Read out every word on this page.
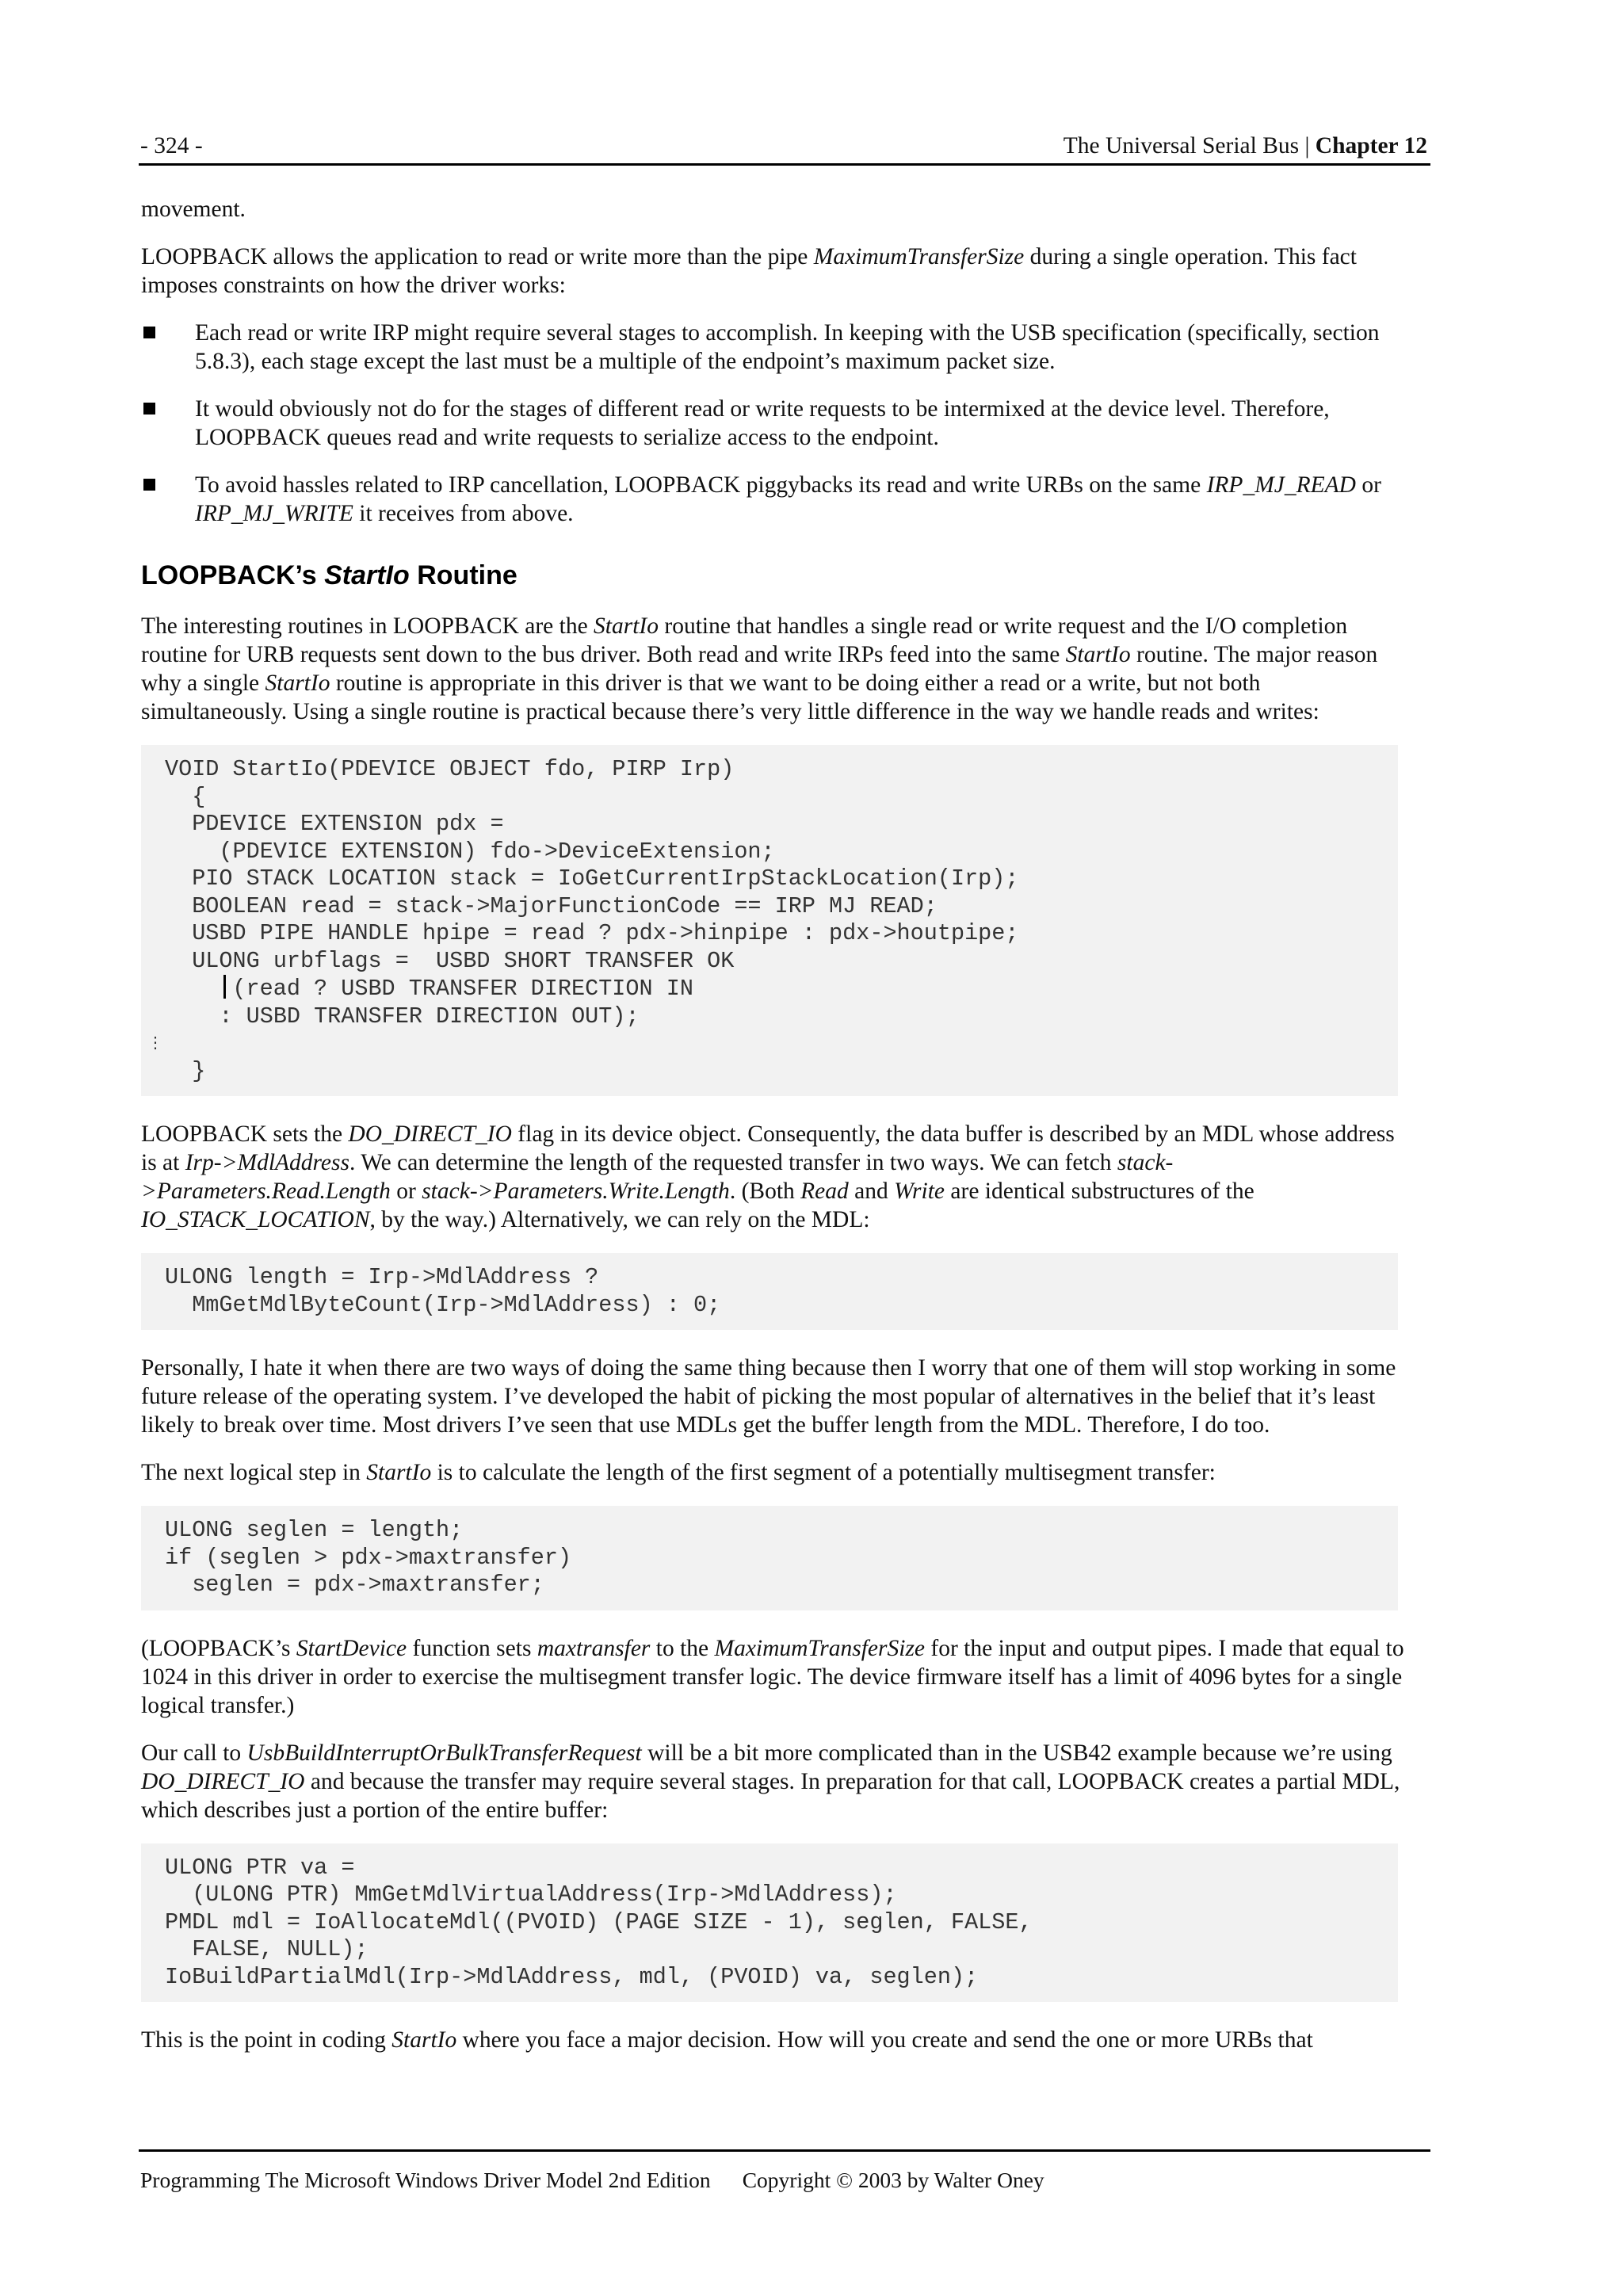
- 324 -	The Universal Serial Bus | Chapter 12

movement.

LOOPBACK allows the application to read or write more than the pipe MaximumTransferSize during a single operation. This fact imposes constraints on how the driver works:

Each read or write IRP might require several stages to accomplish. In keeping with the USB specification (specifically, section 5.8.3), each stage except the last must be a multiple of the endpoint’s maximum packet size.
It would obviously not do for the stages of different read or write requests to be intermixed at the device level. Therefore, LOOPBACK queues read and write requests to serialize access to the endpoint.
To avoid hassles related to IRP cancellation, LOOPBACK piggybacks its read and write URBs on the same IRP_MJ_READ or IRP_MJ_WRITE it receives from above.
LOOPBACK’s StartIo Routine

The interesting routines in LOOPBACK are the StartIo routine that handles a single read or write request and the I/O completion routine for URB requests sent down to the bus driver. Both read and write IRPs feed into the same StartIo routine. The major reason why a single StartIo routine is appropriate in this driver is that we want to be doing either a read or a write, but not both simultaneously. Using a single routine is practical because there’s very little difference in the way we handle reads and writes:

VOID StartIo(PDEVICE OBJECT fdo, PIRP Irp)
{
PDEVICE EXTENSION pdx =
(PDEVICE EXTENSION) fdo->DeviceExtension;
PIO STACK LOCATION stack = IoGetCurrentIrpStackLocation(Irp);
BOOLEAN read = stack->MajorFunctionCode == IRP MJ READ;
USBD PIPE HANDLE hpipe = read ? pdx->hinpipe : pdx->houtpipe;
ULONG urbflags =  USBD SHORT TRANSFER OK
(read ? USBD TRANSFER DIRECTION IN
: USBD TRANSFER DIRECTION OUT);

}
⋮

LOOPBACK sets the DO_DIRECT_IO flag in its device object. Consequently, the data buffer is described by an MDL whose address is at Irp->MdlAddress. We can determine the length of the requested transfer in two ways. We can fetch stack->Parameters.Read.Length or stack->Parameters.Write.Length. (Both Read and Write are identical substructures of the IO_STACK_LOCATION, by the way.) Alternatively, we can rely on the MDL:

ULONG length = Irp->MdlAddress ?
MmGetMdlByteCount(Irp->MdlAddress) : 0;

Personally, I hate it when there are two ways of doing the same thing because then I worry that one of them will stop working in some future release of the operating system. I’ve developed the habit of picking the most popular of alternatives in the belief that it’s least likely to break over time. Most drivers I’ve seen that use MDLs get the buffer length from the MDL. Therefore, I do too.

The next logical step in StartIo is to calculate the length of the first segment of a potentially multisegment transfer:

ULONG seglen = length;
if (seglen > pdx->maxtransfer)
seglen = pdx->maxtransfer;

(LOOPBACK’s StartDevice function sets maxtransfer to the MaximumTransferSize for the input and output pipes. I made that equal to 1024 in this driver in order to exercise the multisegment transfer logic. The device firmware itself has a limit of 4096 bytes for a single logical transfer.)

Our call to UsbBuildInterruptOrBulkTransferRequest will be a bit more complicated than in the USB42 example because we’re using DO_DIRECT_IO and because the transfer may require several stages. In preparation for that call, LOOPBACK creates a partial MDL, which describes just a portion of the entire buffer:

ULONG PTR va =
(ULONG PTR) MmGetMdlVirtualAddress(Irp->MdlAddress);
PMDL mdl = IoAllocateMdl((PVOID) (PAGE SIZE - 1), seglen, FALSE,
FALSE, NULL);
IoBuildPartialMdl(Irp->MdlAddress, mdl, (PVOID) va, seglen);

This is the point in coding StartIo where you face a major decision. How will you create and send the one or more URBs that

Programming The Microsoft Windows Driver Model 2nd Edition Copyright © 2003 by Walter Oney
